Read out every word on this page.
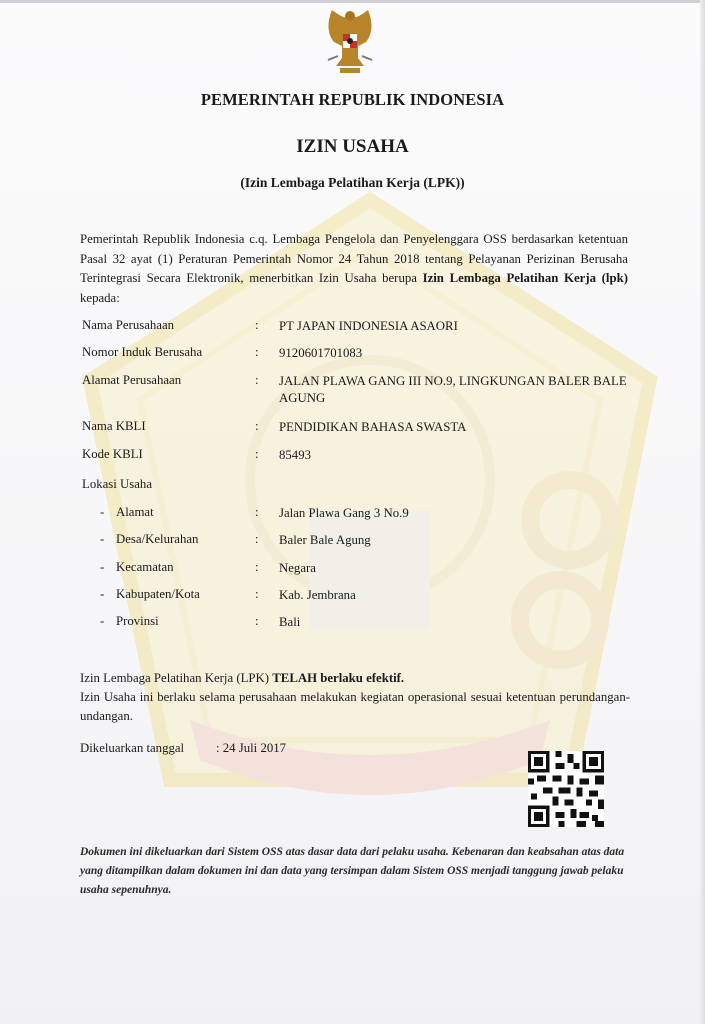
PEMERINTAH REPUBLIK INDONESIA
IZIN USAHA
(Izin Lembaga Pelatihan Kerja (LPK))
Pemerintah Republik Indonesia c.q. Lembaga Pengelola dan Penyelenggara OSS berdasarkan ketentuan Pasal 32 ayat (1) Peraturan Pemerintah Nomor 24 Tahun 2018 tentang Pelayanan Perizinan Berusaha Terintegrasi Secara Elektronik, menerbitkan Izin Usaha berupa Izin Lembaga Pelatihan Kerja (lpk) kepada:
Nama Perusahaan	: PT JAPAN INDONESIA ASAORI
Nomor Induk Berusaha	: 9120601701083
Alamat Perusahaan	: JALAN PLAWA GANG III NO.9, LINGKUNGAN BALER BALE AGUNG
Nama KBLI	: PENDIDIKAN BAHASA SWASTA
Kode KBLI	: 85493
Lokasi Usaha
- Alamat	: Jalan Plawa Gang 3 No.9
- Desa/Kelurahan	: Baler Bale Agung
- Kecamatan	: Negara
- Kabupaten/Kota	: Kab. Jembrana
- Provinsi	: Bali
Izin Lembaga Pelatihan Kerja (LPK) TELAH berlaku efektif.
Izin Usaha ini berlaku selama perusahaan melakukan kegiatan operasional sesuai ketentuan perundangan-undangan.
Dikeluarkan tanggal : 24 Juli 2017
Dokumen ini dikeluarkan dari Sistem OSS atas dasar data dari pelaku usaha. Kebenaran dan keabsahan atas data yang ditampilkan dalam dokumen ini dan data yang tersimpan dalam Sistem OSS menjadi tanggung jawab pelaku usaha sepenuhnya.
